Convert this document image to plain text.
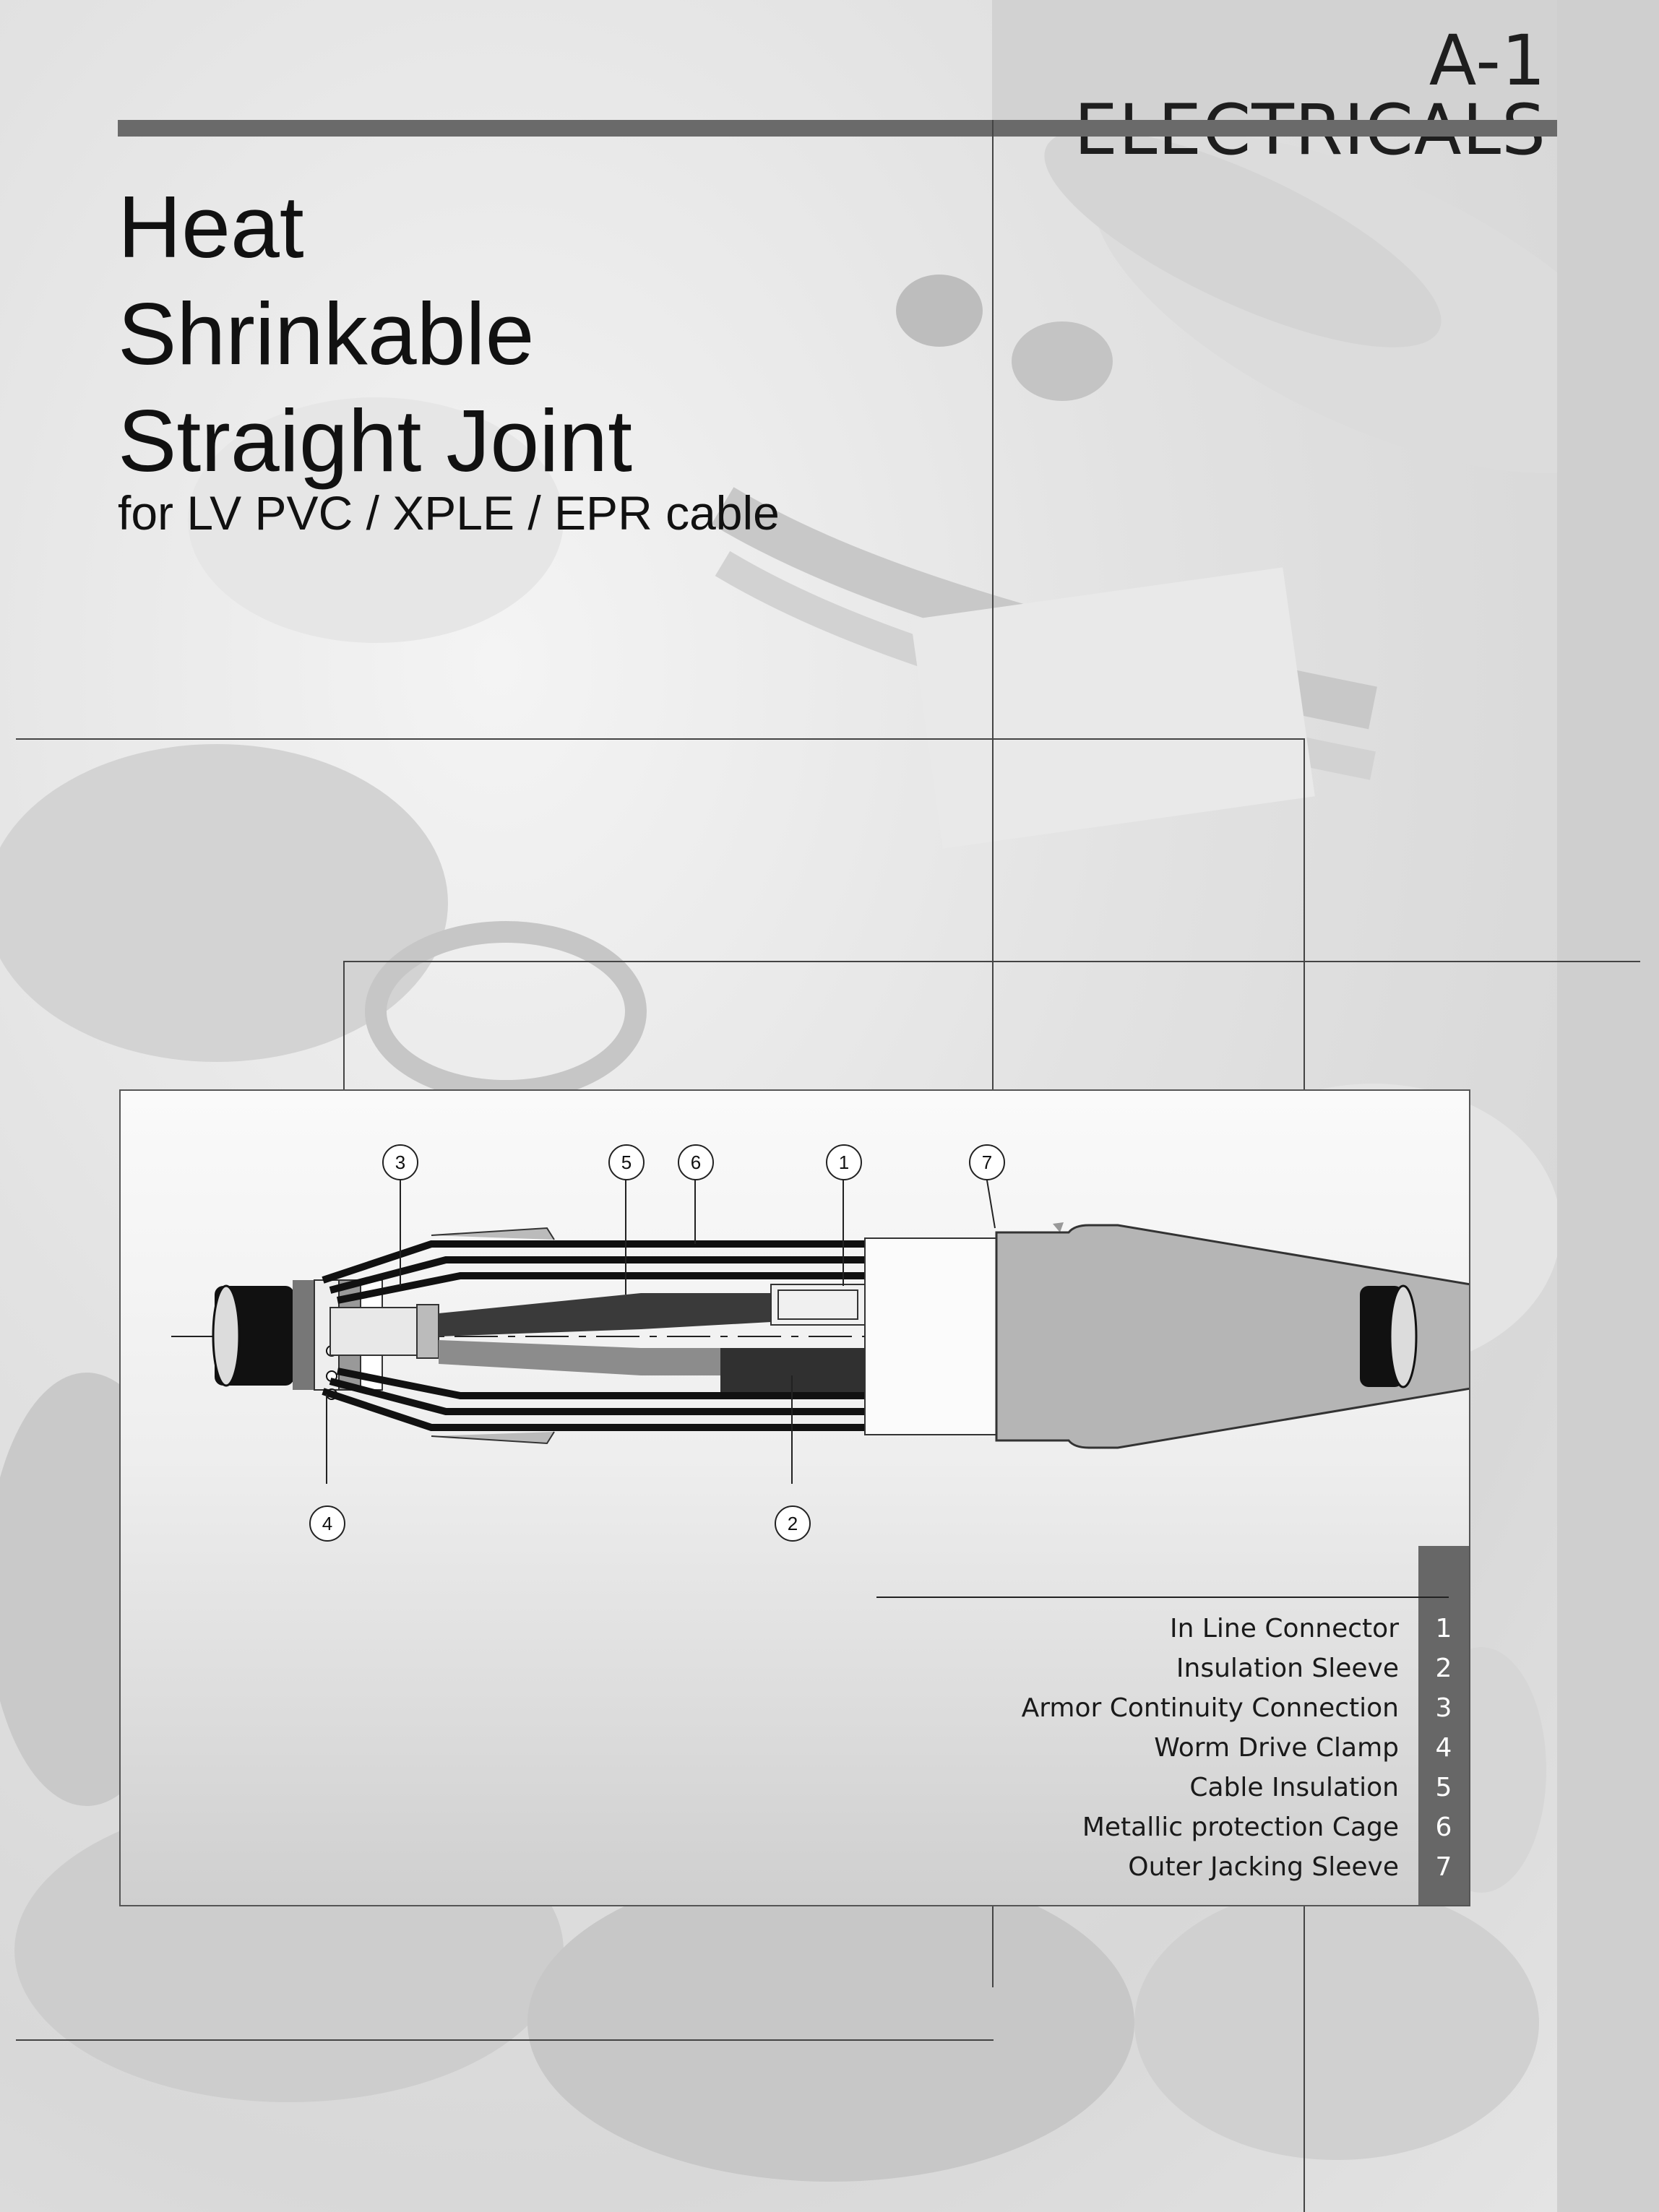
A-1
Heat
Shrinkable
Straight Joint
for LV PVC / XPLE / EPR cable
3	5	6	1	7
4	2
In Line Connector	1
Insulation Sleeve	2
Armor Continuity Connection	3
Worm Drive Clamp	4
Cable Insulation	5
Metallic protection Cage	6
Outer Jacking Sleeve	7
